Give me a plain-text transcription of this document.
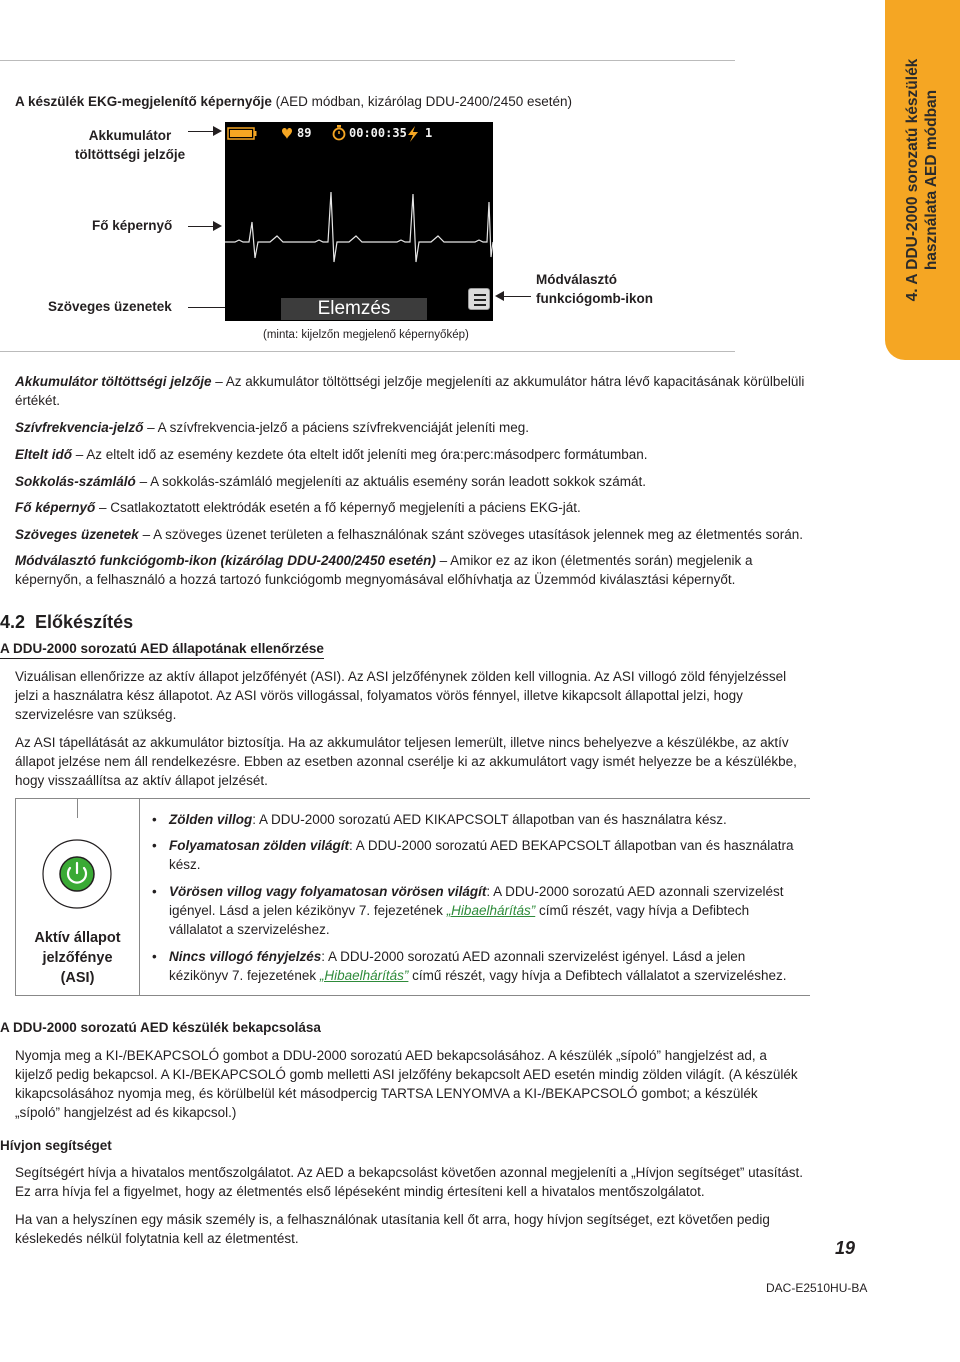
4. A DDU-2000 sorozatú készülék használata AED módban
A készülék EKG-megjelenítő képernyője (AED módban, kizárólag DDU-2400/2450 esetén)
Akkumulátor
töltöttségi jelzője
Fő képernyő
Szöveges üzenetek
Módválasztó
funkciógomb-ikon
89	00:00:35 1
Elemzés
(minta: kijelzőn megjelenő képernyőkép)
Akkumulátor töltöttségi jelzője – Az akkumulátor töltöttségi jelzője megjeleníti az akkumulátor hátra lévő kapacitásának körülbelüli értékét.
Szívfrekvencia-jelző – A szívfrekvencia-jelző a páciens szívfrekvenciáját jeleníti meg.
Eltelt idő – Az eltelt idő az esemény kezdete óta eltelt időt jeleníti meg óra:perc:másodperc formátumban.
Sokkolás-számláló – A sokkolás-számláló megjeleníti az aktuális esemény során leadott sokkok számát.
Fő képernyő – Csatlakoztatott elektródák esetén a fő képernyő megjeleníti a páciens EKG-ját.
Szöveges üzenetek – A szöveges üzenet területen a felhasználónak szánt szöveges utasítások jelennek meg az életmentés során.
Módválasztó funkciógomb-ikon (kizárólag DDU-2400/2450 esetén) – Amikor ez az ikon (életmentés során) megjelenik a képernyőn, a felhasználó a hozzá tartozó funkciógomb megnyomásával előhívhatja az Üzemmód kiválasztási képernyőt.
4.2 Előkészítés
A DDU-2000 sorozatú AED állapotának ellenőrzése
Vizuálisan ellenőrizze az aktív állapot jelzőfényét (ASI). Az ASI jelzőfénynek zölden kell villognia. Az ASI villogó zöld fényjelzéssel jelzi a használatra kész állapotot. Az ASI vörös villogással, folyamatos vörös fénnyel, illetve kikapcsolt állapottal jelzi, hogy szervizelésre van szükség.
Az ASI tápellátását az akkumulátor biztosítja. Ha az akkumulátor teljesen lemerült, illetve nincs behelyezve a készülékbe, az aktív állapot jelzése nem áll rendelkezésre. Ebben az esetben azonnal cserélje ki az akkumulátort vagy ismét helyezze be a készülékbe, hogy visszaállítsa az aktív állapot jelzését.
Aktív állapot
jelzőfénye
(ASI)
• Zölden villog: A DDU-2000 sorozatú AED KIKAPCSOLT állapotban van és használatra kész.
• Folyamatosan zölden világít: A DDU-2000 sorozatú AED BEKAPCSOLT állapotban van és használatra kész.
• Vörösen villog vagy folyamatosan vörösen világít: A DDU-2000 sorozatú AED azonnali szervizelést igényel. Lásd a jelen kézikönyv 7. fejezetének „Hibaelhárítás” című részét, vagy hívja a Defibtech vállalatot a szervizeléshez.
• Nincs villogó fényjelzés: A DDU-2000 sorozatú AED azonnali szervizelést igényel. Lásd a jelen kézikönyv 7. fejezetének „Hibaelhárítás” című részét, vagy hívja a Defibtech vállalatot a szervizeléshez.
A DDU-2000 sorozatú AED készülék bekapcsolása
Nyomja meg a KI-/BEKAPCSOLÓ gombot a DDU-2000 sorozatú AED bekapcsolásához. A készülék „sípoló” hangjelzést ad, a kijelző pedig bekapcsol. A KI-/BEKAPCSOLÓ gomb melletti ASI jelzőfény bekapcsolt AED esetén mindig zölden világít. (A készülék kikapcsolásához nyomja meg, és körülbelül két másodpercig TARTSA LENYOMVA a KI-/BEKAPCSOLÓ gombot; a készülék „sípoló” hangjelzést ad és kikapcsol.)
Hívjon segítséget
Segítségért hívja a hivatalos mentőszolgálatot. Az AED a bekapcsolást követően azonnal megjeleníti a „Hívjon segítséget” utasítást. Ez arra hívja fel a figyelmet, hogy az életmentés első lépéseként mindig értesíteni kell a hivatalos mentőszolgálatot.
Ha van a helyszínen egy másik személy is, a felhasználónak utasítania kell őt arra, hogy hívjon segítséget, ezt követően pedig késlekedés nélkül folytatnia kell az életmentést.	19
DAC-E2510HU-BA
